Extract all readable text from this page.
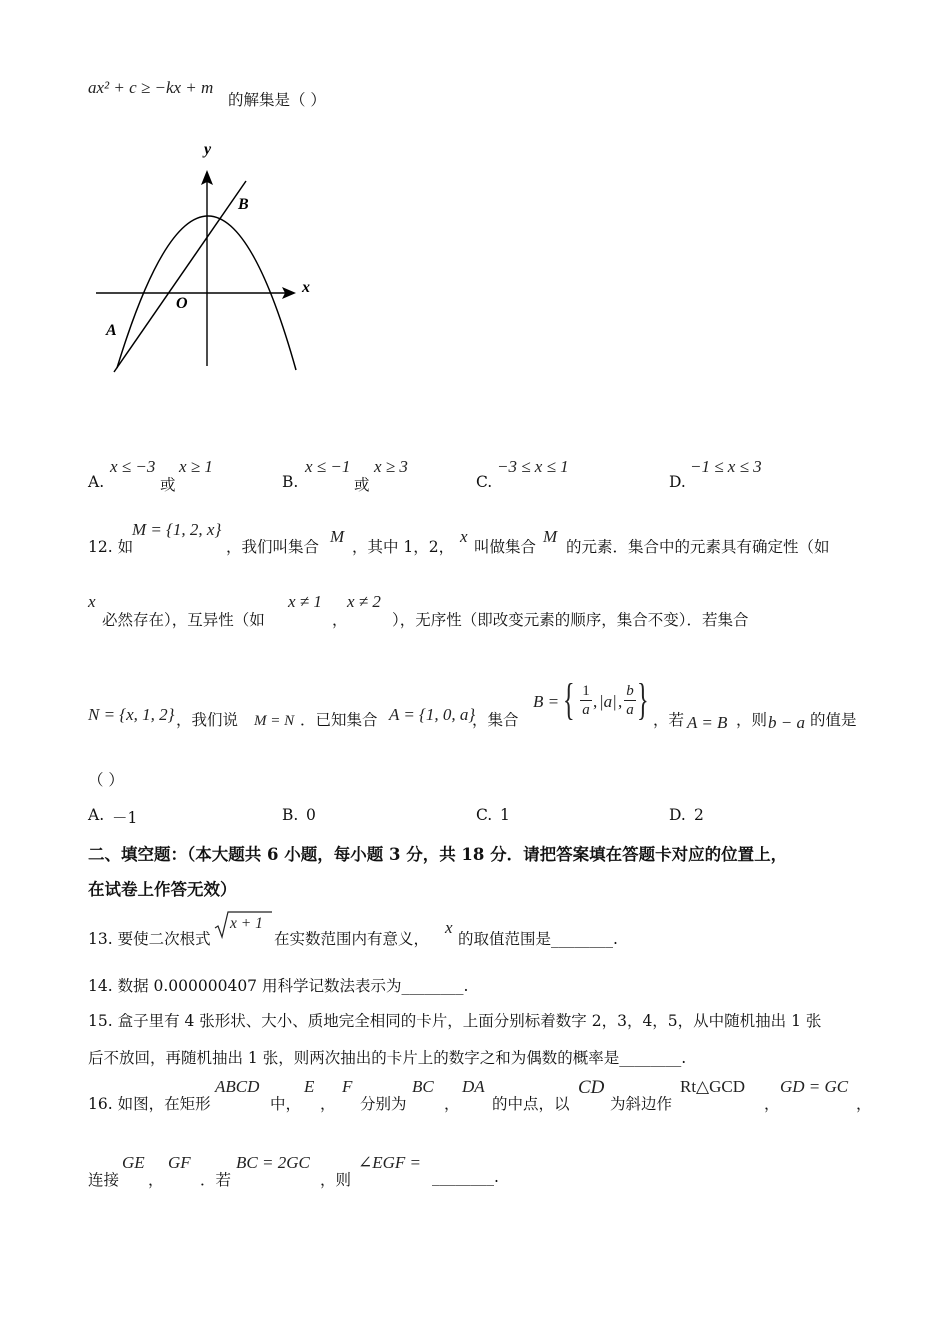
ax² + c ≥ −kx + m
的解集是（ ）
y
x
O
A
B
A.
x ≤ −3
或
x ≥ 1
B.
x ≤ −1
或
x ≥ 3
C.
−3 ≤ x ≤ 1
D.
−1 ≤ x ≤ 3
12. 如
M = {1, 2, x}
，我们叫集合
M
，其中 1，2，
x
叫做集合
M
的元素．集合中的元素具有确定性（如
x
必然存在），互异性（如
x ≠ 1
，
x ≠ 2
），无序性（即改变元素的顺序，集合不变）．若集合
N = {x, 1, 2} ，我们说 M = N ．已知集合 A = {1, 0, a}
，集合
B = { 1
a , |a| ,
b
a } ，若 A = B ，则 b − a 的值是
（ ）
A. －1	B. 0	C. 1	D. 2
二、填空题：（本大题共 6 小题，每小题 3 分，共 18 分．请把答案填在答题卡对应的位置上，
在试卷上作答无效）
13. 要使二次根式
x + 1
在实数范围内有意义，
x
的取值范围是________.
14. 数据 0.000000407 用科学记数法表示为________.
15. 盒子里有 4 张形状、大小、质地完全相同的卡片，上面分别标着数字 2，3，4，5，从中随机抽出 1 张
后不放回，再随机抽出 1 张，则两次抽出的卡片上的数字之和为偶数的概率是________.
16. 如图，在矩形
ABCD
中，
E
，
F
分别为
BC
，
DA
的中点，以
CD
为斜边作
Rt△GCD
，
GD = GC
，
连接
GE
，
GF
．若
BC = 2GC
，则
∠EGF =
________.
